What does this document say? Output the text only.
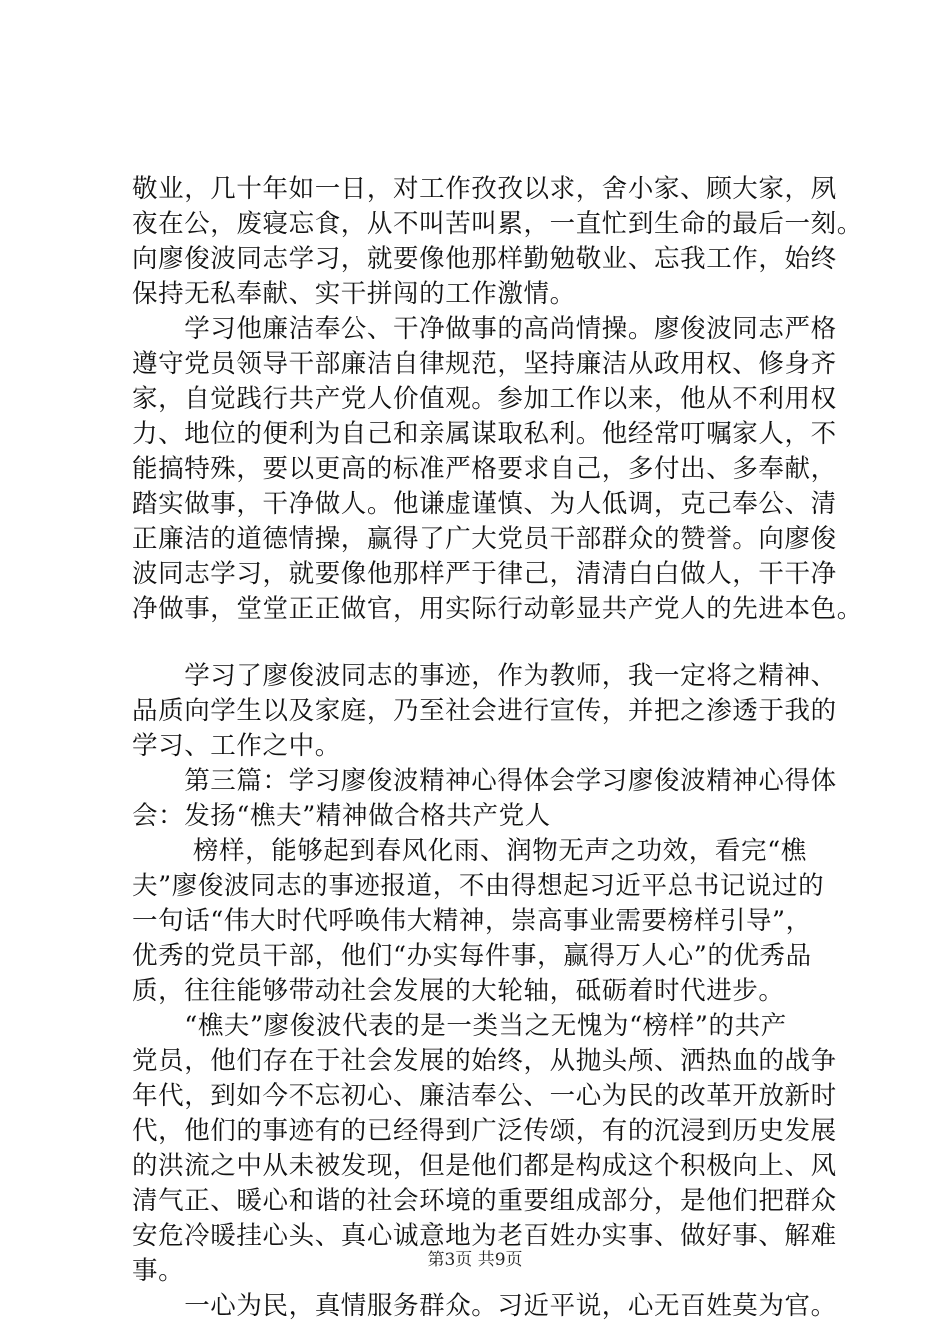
敬业，几十年如一日，对工作孜孜以求，舍小家、顾大家，夙
夜在公，废寝忘食，从不叫苦叫累，一直忙到生命的最后一刻。
向廖俊波同志学习，就要像他那样勤勉敬业、忘我工作，始终
保持无私奉献、实干拼闯的工作激情。
　　学习他廉洁奉公、干净做事的高尚情操。廖俊波同志严格
遵守党员领导干部廉洁自律规范，坚持廉洁从政用权、修身齐
家，自觉践行共产党人价值观。参加工作以来，他从不利用权
力、地位的便利为自己和亲属谋取私利。他经常叮嘱家人，不
能搞特殊，要以更高的标准严格要求自己，多付出、多奉献，
踏实做事，干净做人。他谦虚谨慎、为人低调，克己奉公、清
正廉洁的道德情操，赢得了广大党员干部群众的赞誉。向廖俊
波同志学习，就要像他那样严于律己，清清白白做人，干干净
净做事，堂堂正正做官，用实际行动彰显共产党人的先进本色。
　　学习了廖俊波同志的事迹，作为教师，我一定将之精神、
品质向学生以及家庭，乃至社会进行宣传，并把之渗透于我的
学习、工作之中。
　　第三篇：学习廖俊波精神心得体会学习廖俊波精神心得体
会：发扬“樵夫”精神做合格共产党人
　　 榜样，能够起到春风化雨、润物无声之功效，看完“樵
夫”廖俊波同志的事迹报道，不由得想起习近平总书记说过的
一句话“伟大时代呼唤伟大精神，崇高事业需要榜样引导”，
优秀的党员干部，他们“办实每件事，赢得万人心”的优秀品
质，往往能够带动社会发展的大轮轴，砥砺着时代进步。
　　“樵夫”廖俊波代表的是一类当之无愧为“榜样”的共产
党员，他们存在于社会发展的始终，从抛头颅、洒热血的战争
年代，到如今不忘初心、廉洁奉公、一心为民的改革开放新时
代，他们的事迹有的已经得到广泛传颂，有的沉浸到历史发展
的洪流之中从未被发现，但是他们都是构成这个积极向上、风
清气正、暖心和谐的社会环境的重要组成部分，是他们把群众
安危冷暖挂心头、真心诚意地为老百姓办实事、做好事、解难
事。
　　一心为民，真情服务群众。习近平说，心无百姓莫为官。
第3页 共9页
